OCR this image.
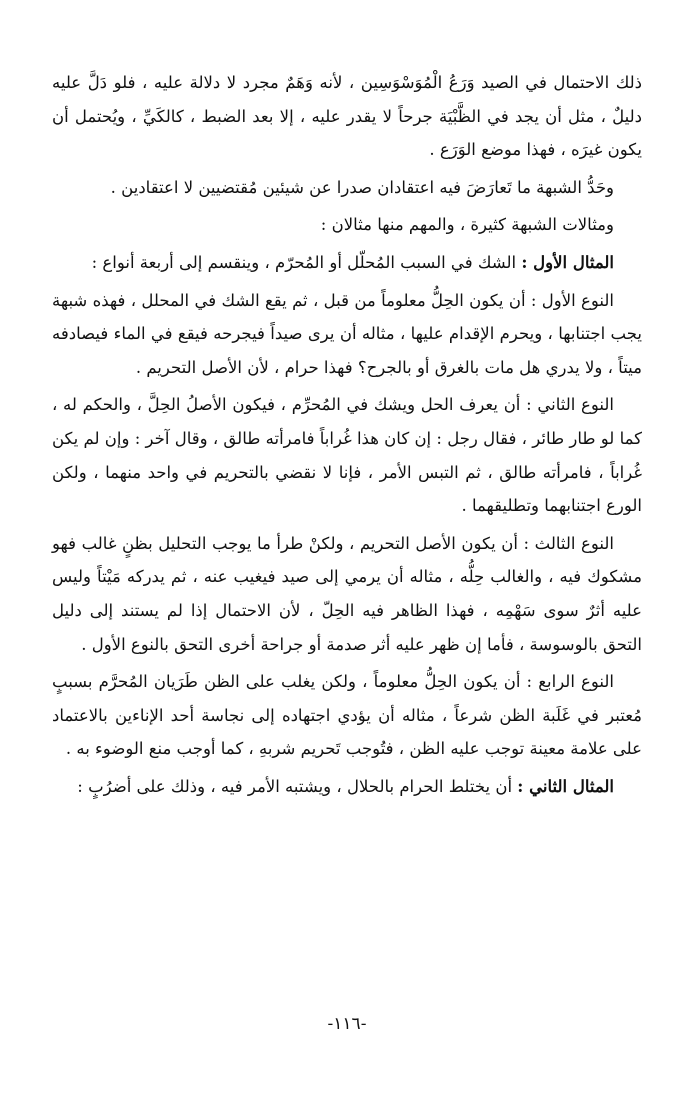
ذلك الاحتمال في الصيد وَرَعُ الْمُوَسْوَسِين ، لأنه وَهَمٌ مجرد لا دلالة عليه ، فلو دَلَّ عليه دليلٌ ، مثل أن يجد في الظَّبْيَة جرحاً لا يقدر عليه ، إلا بعد الضبط ، كالكَيِّ ، ويُحتمل أن يكون غيرَه ، فهذا موضع الوَرَع .

وحَدُّ الشبهة ما تَعارَضَ فيه اعتقادان صدرا عن شيئين مُقتضيين لا اعتقادين .

ومثالات الشبهة كثيرة ، والمهم منها مثالان :

المثال الأول : الشك في السبب المُحلّل أو المُحرّم ، وينقسم إلى أربعة أنواع :

النوع الأول : أن يكون الحِلُّ معلوماً من قبل ، ثم يقع الشك في المحلل ، فهذه شبهة يجب اجتنابها ، ويحرم الإقدام عليها ، مثاله أن يرى صيداً فيجرحه فيقع في الماء فيصادفه ميتاً ، ولا يدري هل مات بالغرق أو بالجرح؟ فهذا حرام ، لأن الأصل التحريم .

النوع الثاني : أن يعرف الحل ويشك في المُحرِّم ، فيكون الأصلُ الحِلَّ ، والحكم له ، كما لو طار طائر ، فقال رجل : إن كان هذا غُراباً فامرأته طالق ، وقال آخر : وإن لم يكن غُراباً ، فامرأته طالق ، ثم التبس الأمر ، فإنا لا نقضي بالتحريم في واحد منهما ، ولكن الورع اجتنابهما وتطليقهما .

النوع الثالث : أن يكون الأصل التحريم ، ولكنْ طرأ ما يوجب التحليل بظنٍ غالب فهو مشكوك فيه ، والغالب حِلُّه ، مثاله أن يرمي إلى صيد فيغيب عنه ، ثم يدركه مَيْتاً وليس عليه أثرٌ سوى سَهْمِه ، فهذا الظاهر فيه الحِلّ ، لأن الاحتمال إذا لم يستند إلى دليل التحق بالوسوسة ، فأما إن ظهر عليه أثر صدمة أو جراحة أخرى التحق بالنوع الأول .

النوع الرابع : أن يكون الحِلُّ معلوماً ، ولكن يغلب على الظن طَرَيان المُحرَّم بسببٍ مُعتبر في غَلَبة الظن شرعاً ، مثاله أن يؤدي اجتهاده إلى نجاسة أحد الإناءين بالاعتماد على علامة معينة توجب عليه الظن ، فتُوجب تَحريم شربهِ ، كما أوجب منع الوضوء به .

المثال الثاني : أن يختلط الحرام بالحلال ، ويشتبه الأمر فيه ، وذلك على أضرُبٍ :

-١١٦-
